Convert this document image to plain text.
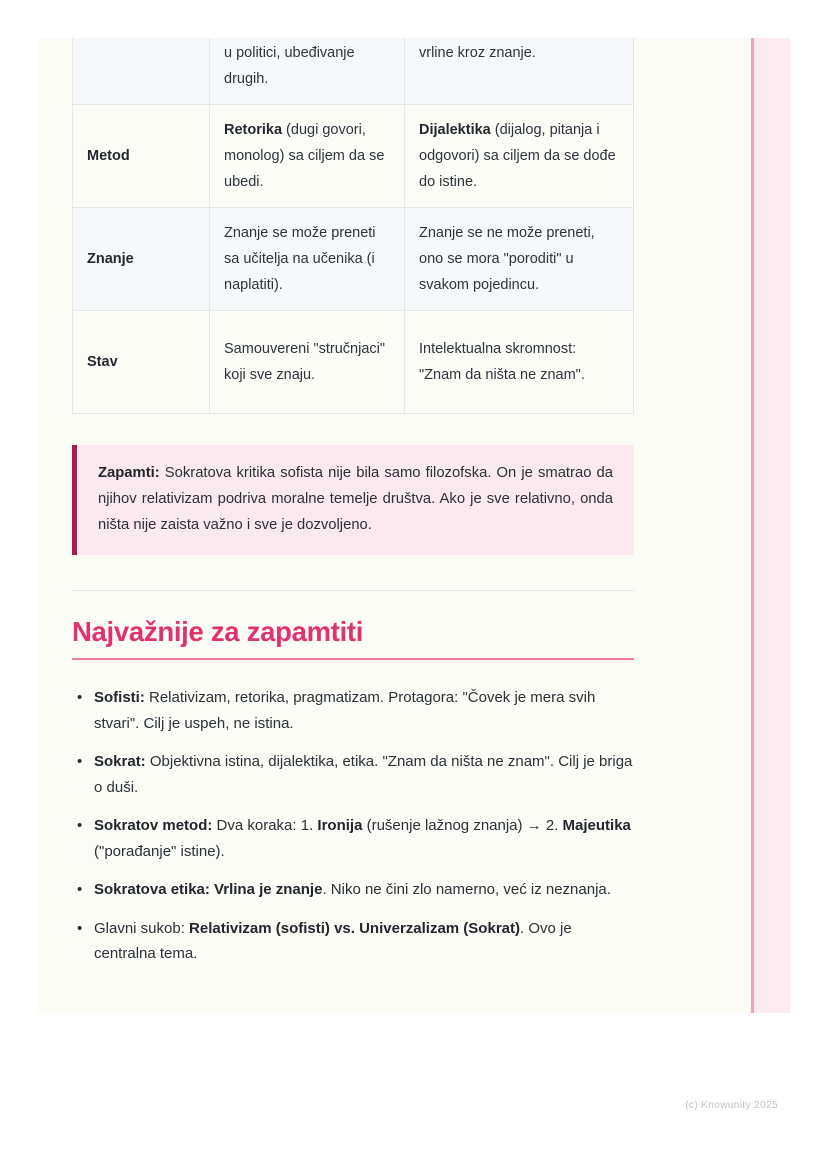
	u politici, ubeđivanje drugih.	vrline kroz znanje.
Metod	Retorika (dugi govori, monolog) sa ciljem da se ubedi.	Dijalektika (dijalog, pitanja i odgovori) sa ciljem da se dođe do istine.
Znanje	Znanje se može preneti sa učitelja na učenika (i naplatiti).	Znanje se ne može preneti, ono se mora "poroditi" u svakom pojedincu.
Stav	Samouvereni "stručnjaci" koji sve znaju.	Intelektualna skromnost: "Znam da ništa ne znam".
Zapamti: Sokratova kritika sofista nije bila samo filozofska. On je smatrao da njihov relativizam podriva moralne temelje društva. Ako je sve relativno, onda ništa nije zaista važno i sve je dozvoljeno.
Najvažnije za zapamtiti
• Sofisti: Relativizam, retorika, pragmatizam. Protagora: "Čovek je mera svih stvari". Cilj je uspeh, ne istina.
• Sokrat: Objektivna istina, dijalektika, etika. "Znam da ništa ne znam". Cilj je briga o duši.
• Sokratov metod: Dva koraka: 1. Ironija (rušenje lažnog znanja) → 2. Majeutika ("porađanje" istine).
• Sokratova etika: Vrlina je znanje. Niko ne čini zlo namerno, već iz neznanja.
• Glavni sukob: Relativizam (sofisti) vs. Univerzalizam (Sokrat). Ovo je centralna tema.
(c) Knowunity 2025
